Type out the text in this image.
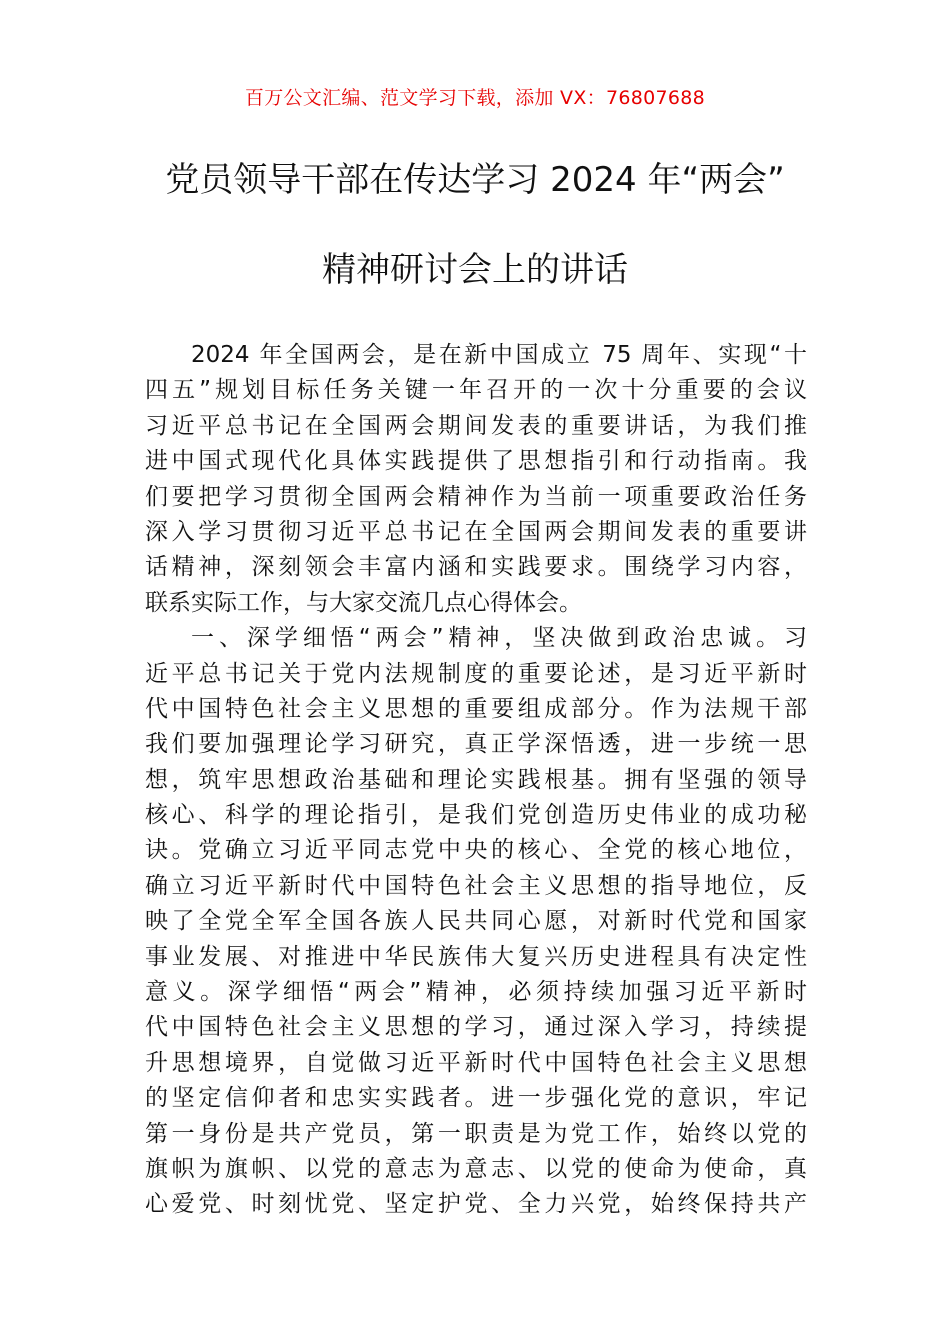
百万公文汇编、范文学习下载，添加 VX：76807688
党员领导干部在传达学习 2024 年“两会”
精神研讨会上的讲话
2024 年全国两会，是在新中国成立 75 周年、实现“十
四五”规划目标任务关键一年召开的一次十分重要的会议
习近平总书记在全国两会期间发表的重要讲话，为我们推
进中国式现代化具体实践提供了思想指引和行动指南。我
们要把学习贯彻全国两会精神作为当前一项重要政治任务
深入学习贯彻习近平总书记在全国两会期间发表的重要讲
话精神，深刻领会丰富内涵和实践要求。围绕学习内容，
联系实际工作，与大家交流几点心得体会。
一、深学细悟“两会”精神，坚决做到政治忠诚。习
近平总书记关于党内法规制度的重要论述，是习近平新时
代中国特色社会主义思想的重要组成部分。作为法规干部
我们要加强理论学习研究，真正学深悟透，进一步统一思
想，筑牢思想政治基础和理论实践根基。拥有坚强的领导
核心、科学的理论指引，是我们党创造历史伟业的成功秘
诀。党确立习近平同志党中央的核心、全党的核心地位，
确立习近平新时代中国特色社会主义思想的指导地位，反
映了全党全军全国各族人民共同心愿，对新时代党和国家
事业发展、对推进中华民族伟大复兴历史进程具有决定性
意义。深学细悟“两会”精神，必须持续加强习近平新时
代中国特色社会主义思想的学习，通过深入学习，持续提
升思想境界，自觉做习近平新时代中国特色社会主义思想
的坚定信仰者和忠实实践者。进一步强化党的意识，牢记
第一身份是共产党员，第一职责是为党工作，始终以党的
旗帜为旗帜、以党的意志为意志、以党的使命为使命，真
心爱党、时刻忧党、坚定护党、全力兴党，始终保持共产
